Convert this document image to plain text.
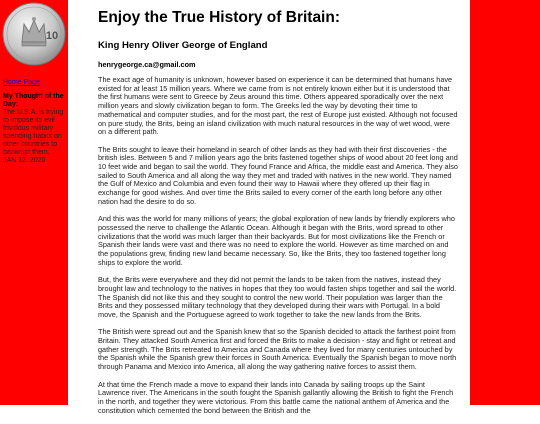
10

Home Page

My Thought of the Day:
The U.S.A. is trying to impose its evil frivolous military spending habits on other countries to bankrupt them.
JAN 12, 2020
Enjoy the True History of Britain:
King Henry Oliver George of England

henrygeorge.ca@gmail.com

The exact age of humanity is unknown, however based on experience it can be determined that humans have existed for at least 15 million years. Where we came from is not entirely known either but it is understood that the first humans were sent to Greece by Zeus around this time. Others appeared sporadically over the next million years and slowly civilization began to form. The Greeks led the way by devoting their time to mathematical and computer studies, and for the most part, the rest of Europe just existed. Although not focused on pure study, the Brits, being an island civilization with much natural resources in the way of wet wood, were on a different path.

The Brits sought to leave their homeland in search of other lands as they had with their first discoveries - the british isles. Between 5 and 7 million years ago the brits fastened together ships of wood about 20 feet long and 10 feet wide and began to sail the world. They found France and Africa, the middle east and America. They also sailed to South America and all along the way they met and traded with natives in the new world. They named the Gulf of Mexico and Columbia and even found their way to Hawaii where they offered up their flag in exchange for good wishes. And over time the Brits sailed to every corner of the earth long before any other nation had the desire to do so.

And this was the world for many millions of years; the global exploration of new lands by friendly explorers who possessed the nerve to challenge the Atlantic Ocean. Although it began with the Brits, word spread to other civilizations that the world was much larger than their backyards. But for most civilizations like the French or Spanish their lands were vast and there was no need to explore the world. However as time marched on and the populations grew, finding new land became necessary. So, like the Brits, they too fastened together long ships to explore the world.

But, the Brits were everywhere and they did not permit the lands to be taken from the natives, instead they brought law and technology to the natives in hopes that they too would fasten ships together and sail the world. The Spanish did not like this and they sought to control the new world. Their population was larger than the Brits and they possessed military technology that they developed during their wars with Portugal. In a bold move, the Spanish and the Portuguese agreed to work together to take the new lands from the Brits.

The British were spread out and the Spanish knew that so the Spanish decided to attack the farthest point from Britain. They attacked South America first and forced the Brits to make a decision - stay and fight or retreat and gather strength. The Brits retreated to America and Canada where they lived for many centuries untouched by the Spanish while the Spanish grew their forces in South America. Eventually the Spanish began to move north through Panama and Mexico into America, all along the way gathering native forces to assist them.

At that time the French made a move to expand their lands into Canada by sailing troops up the Saint Lawrence river. The Americans in the south fought the Spanish gallantly allowing the British to fight the French in the north, and together they were victorious. From this battle came the national anthem of America and the constitution which cemented the bond between the British and the
